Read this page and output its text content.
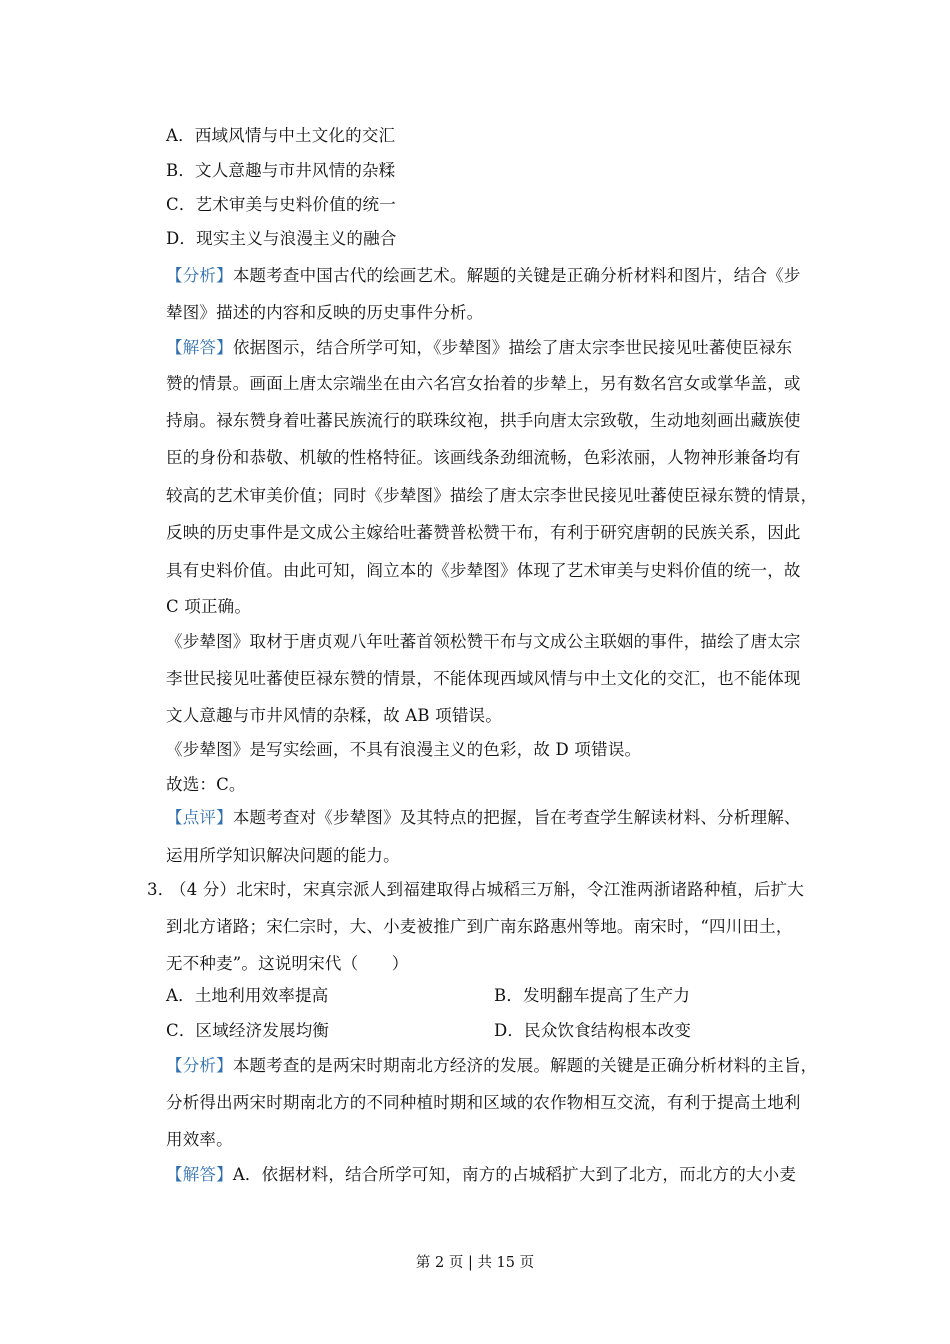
A．西域风情与中土文化的交汇
B．文人意趣与市井风情的杂糅
C．艺术审美与史料价值的统一
D．现实主义与浪漫主义的融合
【分析】本题考查中国古代的绘画艺术。解题的关键是正确分析材料和图片，结合《步
辇图》描述的内容和反映的历史事件分析。
【解答】依据图示，结合所学可知，《步辇图》描绘了唐太宗李世民接见吐蕃使臣禄东
赞的情景。画面上唐太宗端坐在由六名宫女抬着的步辇上，另有数名宫女或掌华盖，或
持扇。禄东赞身着吐蕃民族流行的联珠纹袍，拱手向唐太宗致敬，生动地刻画出藏族使
臣的身份和恭敬、机敏的性格特征。该画线条劲细流畅，色彩浓丽，人物神形兼备均有
较高的艺术审美价值；同时《步辇图》描绘了唐太宗李世民接见吐蕃使臣禄东赞的情景，
反映的历史事件是文成公主嫁给吐蕃赞普松赞干布，有利于研究唐朝的民族关系，因此
具有史料价值。由此可知，阎立本的《步辇图》体现了艺术审美与史料价值的统一，故
C 项正确。
《步辇图》取材于唐贞观八年吐蕃首领松赞干布与文成公主联姻的事件，描绘了唐太宗
李世民接见吐蕃使臣禄东赞的情景，不能体现西域风情与中土文化的交汇，也不能体现
文人意趣与市井风情的杂糅，故 AB 项错误。
《步辇图》是写实绘画，不具有浪漫主义的色彩，故 D 项错误。
故选：C。
【点评】本题考查对《步辇图》及其特点的把握，旨在考查学生解读材料、分析理解、
运用所学知识解决问题的能力。
3．
（4 分）北宋时，宋真宗派人到福建取得占城稻三万斛，令江淮两浙诸路种植，后扩大
到北方诸路；宋仁宗时，大、小麦被推广到广南东路惠州等地。南宋时，“四川田土，
无不种麦”。这说明宋代（　　）
A．土地利用效率提高	B．发明翻车提高了生产力
C．区域经济发展均衡	D．民众饮食结构根本改变
【分析】本题考查的是两宋时期南北方经济的发展。解题的关键是正确分析材料的主旨，
分析得出两宋时期南北方的不同种植时期和区域的农作物相互交流，有利于提高土地利
用效率。
【解答】A．依据材料，结合所学可知，南方的占城稻扩大到了北方，而北方的大小麦
第 2 页 | 共 15 页
